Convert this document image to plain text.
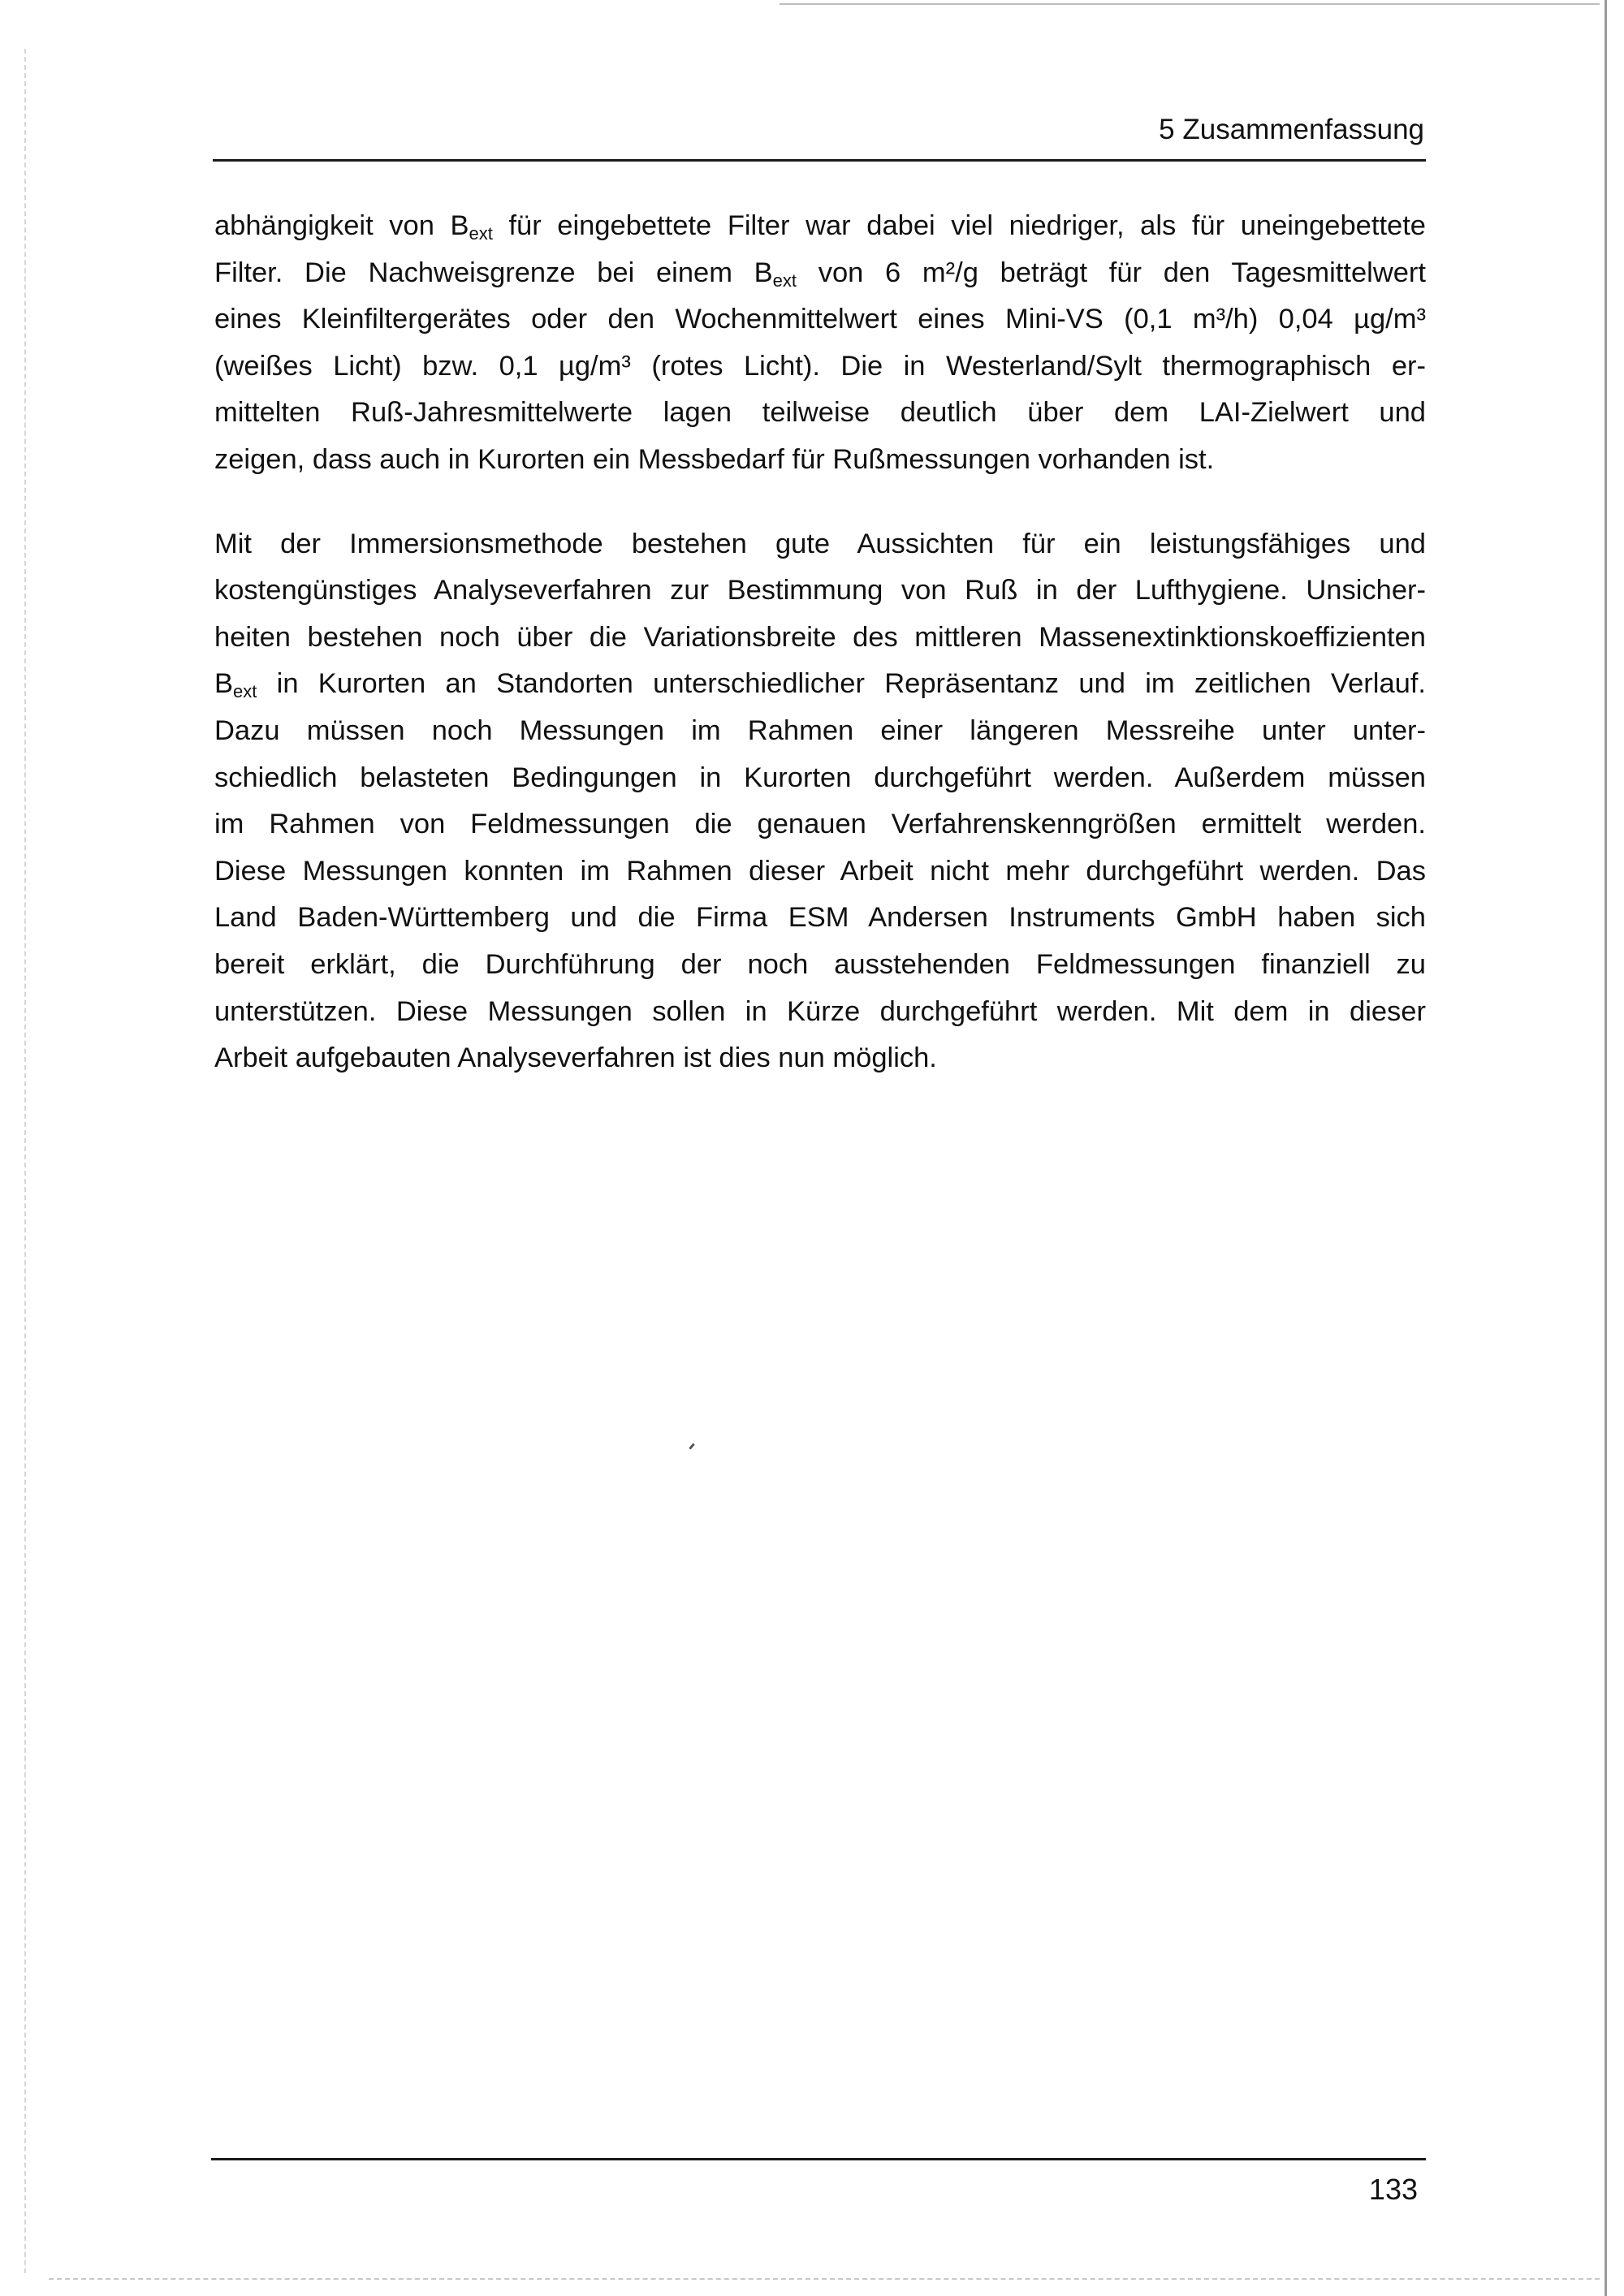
5 Zusammenfassung

abhängigkeit von $B_{ext}$ für eingebettete Filter war dabei viel niedriger, als für uneingebettete
Filter. Die Nachweisgrenze bei einem $B_{ext}$ von 6 m²/g beträgt für den Tagesmittelwert
eines Kleinfiltergerätes oder den Wochenmittelwert eines Mini-VS (0,1 m³/h) 0,04 µg/m³
(weißes Licht) bzw. 0,1 µg/m³ (rotes Licht). Die in Westerland/Sylt thermographisch er-
mittelten Ruß-Jahresmittelwerte lagen teilweise deutlich über dem LAI-Zielwert und
zeigen, dass auch in Kurorten ein Messbedarf für Rußmessungen vorhanden ist.

Mit der Immersionsmethode bestehen gute Aussichten für ein leistungsfähiges und
kostengünstiges Analyseverfahren zur Bestimmung von Ruß in der Lufthygiene. Unsicher-
heiten bestehen noch über die Variationsbreite des mittleren Massenextinktionskoeffizienten
$B_{ext}$ in Kurorten an Standorten unterschiedlicher Repräsentanz und im zeitlichen Verlauf.
Dazu müssen noch Messungen im Rahmen einer längeren Messreihe unter unter-
schiedlich belasteten Bedingungen in Kurorten durchgeführt werden. Außerdem müssen
im Rahmen von Feldmessungen die genauen Verfahrenskenngrößen ermittelt werden.
Diese Messungen konnten im Rahmen dieser Arbeit nicht mehr durchgeführt werden. Das
Land Baden-Württemberg und die Firma ESM Andersen Instruments GmbH haben sich
bereit erklärt, die Durchführung der noch ausstehenden Feldmessungen finanziell zu
unterstützen. Diese Messungen sollen in Kürze durchgeführt werden. Mit dem in dieser
Arbeit aufgebauten Analyseverfahren ist dies nun möglich.

133
